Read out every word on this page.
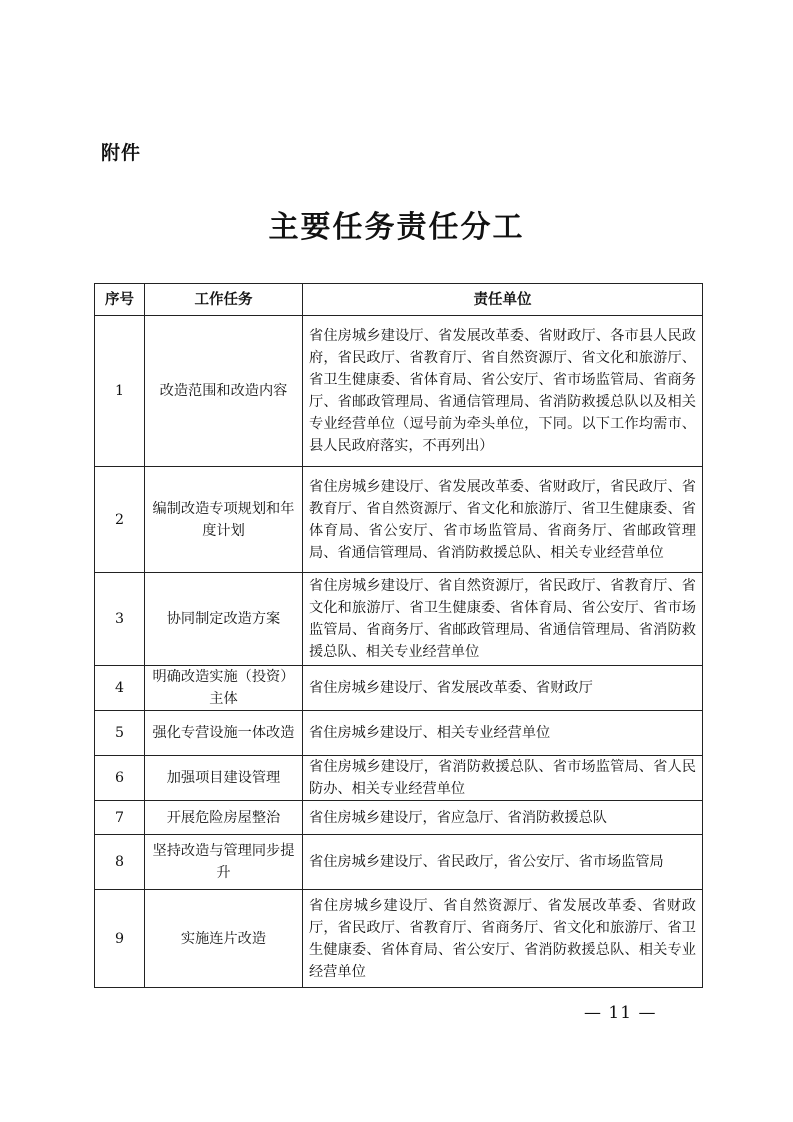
附件
主要任务责任分工
序号	工作任务	责任单位
1	改造范围和改造内容	省住房城乡建设厅、省发展改革委、省财政厅、各市县人民政府，省民政厅、省教育厅、省自然资源厅、省文化和旅游厅、省卫生健康委、省体育局、省公安厅、省市场监管局、省商务厅、省邮政管理局、省通信管理局、省消防救援总队以及相关专业经营单位（逗号前为牵头单位，下同。以下工作均需市、县人民政府落实，不再列出）
2	编制改造专项规划和年度计划	省住房城乡建设厅、省发展改革委、省财政厅，省民政厅、省教育厅、省自然资源厅、省文化和旅游厅、省卫生健康委、省体育局、省公安厅、省市场监管局、省商务厅、省邮政管理局、省通信管理局、省消防救援总队、相关专业经营单位
3	协同制定改造方案	省住房城乡建设厅、省自然资源厅，省民政厅、省教育厅、省文化和旅游厅、省卫生健康委、省体育局、省公安厅、省市场监管局、省商务厅、省邮政管理局、省通信管理局、省消防救援总队、相关专业经营单位
4	明确改造实施（投资）主体	省住房城乡建设厅、省发展改革委、省财政厅
5	强化专营设施一体改造	省住房城乡建设厅、相关专业经营单位
6	加强项目建设管理	省住房城乡建设厅，省消防救援总队、省市场监管局、省人民防办、相关专业经营单位
7	开展危险房屋整治	省住房城乡建设厅，省应急厅、省消防救援总队
8	坚持改造与管理同步提升	省住房城乡建设厅、省民政厅，省公安厅、省市场监管局
9	实施连片改造	省住房城乡建设厅、省自然资源厅、省发展改革委、省财政厅，省民政厅、省教育厅、省商务厅、省文化和旅游厅、省卫生健康委、省体育局、省公安厅、省消防救援总队、相关专业经营单位
— 11 —
